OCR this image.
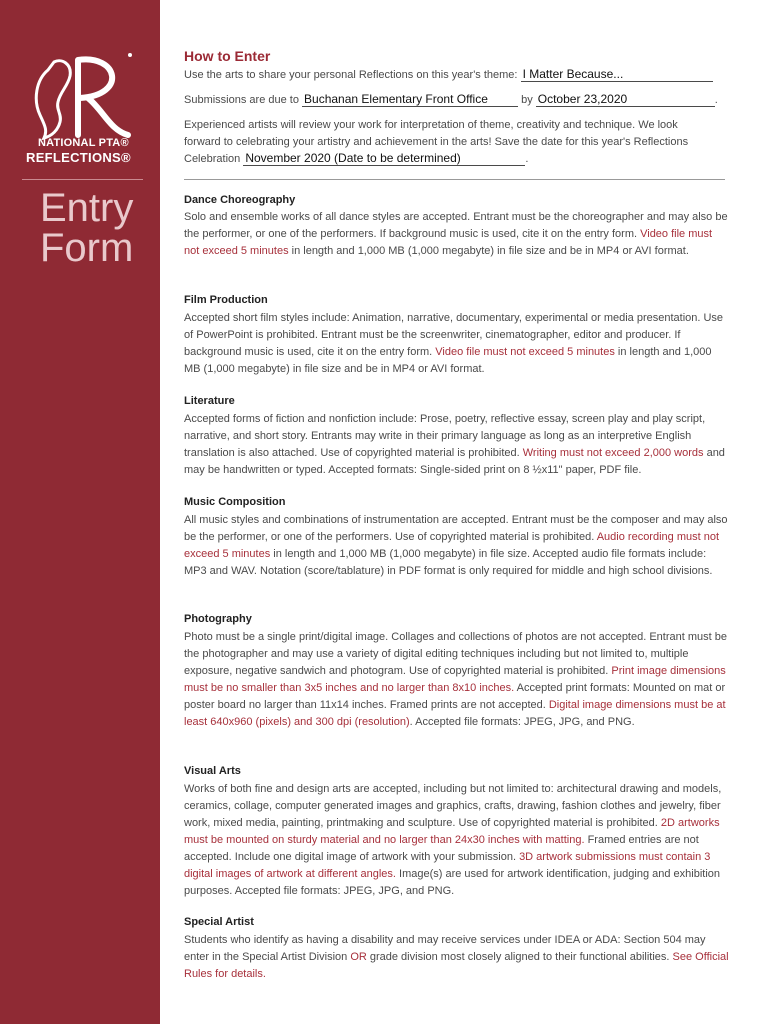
NATIONAL PTA®
REFLECTIONS®
Entry
Form
How to Enter
Use the arts to share your personal Reflections on this year's theme: I Matter Because...
Submissions are due to Buchanan Elementary Front Office	by October 23,2020	.
Experienced artists will review your work for interpretation of theme, creativity and technique. We look
forward to celebrating your artistry and achievement in the arts! Save the date for this year's Reflections
Celebration November 2020 (Date to be determined)	.
Dance Choreography
Solo and ensemble works of all dance styles are accepted. Entrant must be the choreographer and may also be the performer, or one of the performers. If background music is used, cite it on the entry form. Video file must not exceed 5 minutes in length and 1,000 MB (1,000 megabyte) in file size and be in MP4 or AVI format.
Film Production
Accepted short film styles include: Animation, narrative, documentary, experimental or media presentation. Use of PowerPoint is prohibited. Entrant must be the screenwriter, cinematographer, editor and producer. If background music is used, cite it on the entry form. Video file must not exceed 5 minutes in length and 1,000 MB (1,000 megabyte) in file size and be in MP4 or AVI format.
Literature
Accepted forms of fiction and nonfiction include: Prose, poetry, reflective essay, screen play and play script, narrative, and short story. Entrants may write in their primary language as long as an interpretive English translation is also attached. Use of copyrighted material is prohibited. Writing must not exceed 2,000 words and may be handwritten or typed. Accepted formats: Single-sided print on 8 ½x11" paper, PDF file.
Music Composition
All music styles and combinations of instrumentation are accepted. Entrant must be the composer and may also be the performer, or one of the performers. Use of copyrighted material is prohibited. Audio recording must not exceed 5 minutes in length and 1,000 MB (1,000 megabyte) in file size. Accepted audio file formats include: MP3 and WAV. Notation (score/tablature) in PDF format is only required for middle and high school divisions.
Photography
Photo must be a single print/digital image. Collages and collections of photos are not accepted. Entrant must be the photographer and may use a variety of digital editing techniques including but not limited to, multiple exposure, negative sandwich and photogram. Use of copyrighted material is prohibited. Print image dimensions must be no smaller than 3x5 inches and no larger than 8x10 inches. Accepted print formats: Mounted on mat or poster board no larger than 11x14 inches. Framed prints are not accepted. Digital image dimensions must be at least 640x960 (pixels) and 300 dpi (resolution). Accepted file formats: JPEG, JPG, and PNG.
Visual Arts
Works of both fine and design arts are accepted, including but not limited to: architectural drawing and models, ceramics, collage, computer generated images and graphics, crafts, drawing, fashion clothes and jewelry, fiber work, mixed media, painting, printmaking and sculpture. Use of copyrighted material is prohibited. 2D artworks must be mounted on sturdy material and no larger than 24x30 inches with matting. Framed entries are not accepted. Include one digital image of artwork with your submission. 3D artwork submissions must contain 3 digital images of artwork at different angles. Image(s) are used for artwork identification, judging and exhibition purposes. Accepted file formats: JPEG, JPG, and PNG.
Special Artist
Students who identify as having a disability and may receive services under IDEA or ADA: Section 504 may enter in the Special Artist Division OR grade division most closely aligned to their functional abilities. See Official Rules for details.
